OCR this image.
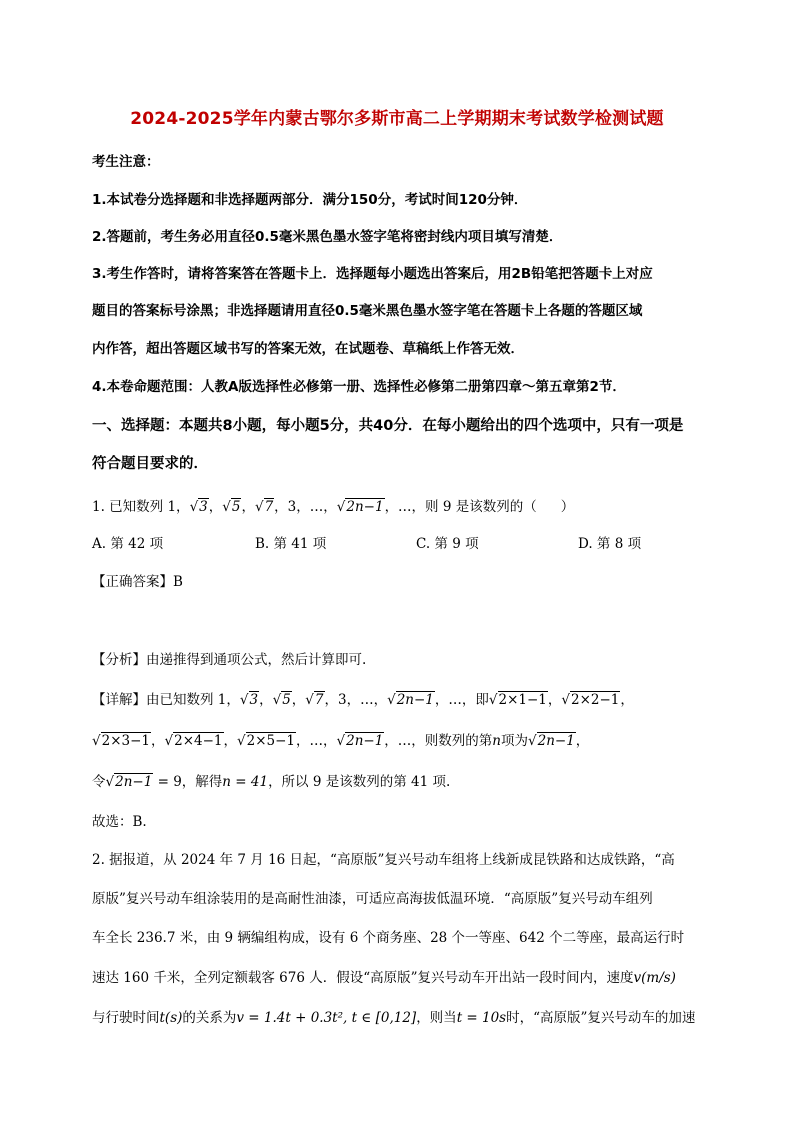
2024-2025学年内蒙古鄂尔多斯市高二上学期期末考试数学检测试题
考生注意：
1.本试卷分选择题和非选择题两部分．满分150分，考试时间120分钟．
2.答题前，考生务必用直径0.5毫米黑色墨水签字笔将密封线内项目填写清楚．
3.考生作答时，请将答案答在答题卡上．选择题每小题选出答案后，用2B铅笔把答题卡上对应
题目的答案标号涂黑；非选择题请用直径0.5毫米黑色墨水签字笔在答题卡上各题的答题区域
内作答，超出答题区域书写的答案无效，在试题卷、草稿纸上作答无效．
4.本卷命题范围：人教A版选择性必修第一册、选择性必修第二册第四章～第五章第2节．
一、选择题：本题共8小题，每小题5分，共40分．在每小题给出的四个选项中，只有一项是
符合题目要求的．
1. 已知数列 1，√3，√5，√7，3，…，√2n−1，…，则 9 是该数列的（ ）
A. 第 42 项	B. 第 41 项	C. 第 9 项	D. 第 8 项
【正确答案】B
【分析】由递推得到通项公式，然后计算即可.
【详解】由已知数列 1，√3，√5，√7，3，…，√2n−1，…，即√2×1−1，√2×2−1，
√2×3−1，√2×4−1，√2×5−1，…，√2n−1，…，则数列的第n项为√2n−1，
令√2n−1 = 9，解得n = 41，所以 9 是该数列的第 41 项.
故选：B.
2. 据报道，从 2024 年 7 月 16 日起，“高原版”复兴号动车组将上线新成昆铁路和达成铁路，“高
原版”复兴号动车组涂装用的是高耐性油漆，可适应高海拔低温环境．“高原版”复兴号动车组列
车全长 236.7 米，由 9 辆编组构成，设有 6 个商务座、28 个一等座、642 个二等座，最高运行时
速达 160 千米，全列定额载客 676 人．假设“高原版”复兴号动车开出站一段时间内，速度v(m/s)
与行驶时间t(s)的关系为v = 1.4t + 0.3t², t ∈ [0,12]，则当t = 10s时，“高原版”复兴号动车的加速
